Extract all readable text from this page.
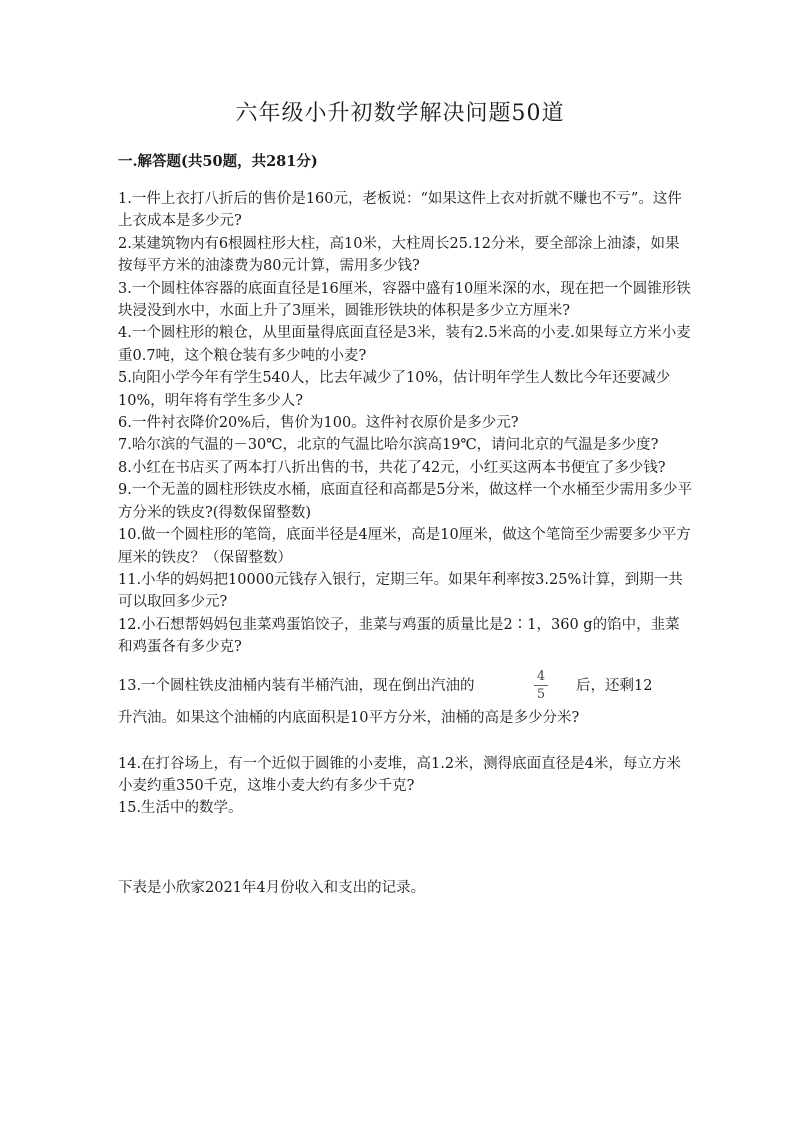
六年级小升初数学解决问题50道
一.解答题(共50题，共281分)

1.一件上衣打八折后的售价是160元，老板说：“如果这件上衣对折就不赚也不亏”。这件上衣成本是多少元?

2.某建筑物内有6根圆柱形大柱，高10米，大柱周长25.12分米，要全部涂上油漆，如果按每平方米的油漆费为80元计算，需用多少钱?

3.一个圆柱体容器的底面直径是16厘米，容器中盛有10厘米深的水，现在把一个圆锥形铁块浸没到水中，水面上升了3厘米，圆锥形铁块的体积是多少立方厘米?

4.一个圆柱形的粮仓，从里面量得底面直径是3米，装有2.5米高的小麦.如果每立方米小麦重0.7吨，这个粮仓装有多少吨的小麦?

5.向阳小学今年有学生540人，比去年减少了10%，估计明年学生人数比今年还要减少10%，明年将有学生多少人?

6.一件衬衣降价20%后，售价为100。这件衬衣原价是多少元?

7.哈尔滨的气温的－30℃，北京的气温比哈尔滨高19℃，请问北京的气温是多少度?

8.小红在书店买了两本打八折出售的书，共花了42元，小红买这两本书便宜了多少钱?

9.一个无盖的圆柱形铁皮水桶，底面直径和高都是5分米，做这样一个水桶至少需用多少平方分米的铁皮?(得数保留整数)

10.做一个圆柱形的笔筒，底面半径是4厘米，高是10厘米，做这个笔筒至少需要多少平方厘米的铁皮？（保留整数）

11.小华的妈妈把10000元钱存入银行，定期三年。如果年利率按3.25%计算，到期一共可以取回多少元?

12.小石想帮妈妈包韭菜鸡蛋馅饺子，韭菜与鸡蛋的质量比是2∶1，360 g的馅中，韭菜和鸡蛋各有多少克?

13.一个圆柱铁皮油桶内装有半桶汽油，现在倒出汽油的
4
5
后，还剩12
升汽油。如果这个油桶的内底面积是10平方分米，油桶的高是多少分米?

14.在打谷场上，有一个近似于圆锥的小麦堆，高1.2米，测得底面直径是4米，每立方米小麦约重350千克，这堆小麦大约有多少千克?

15.生活中的数学。

下表是小欣家2021年4月份收入和支出的记录。
